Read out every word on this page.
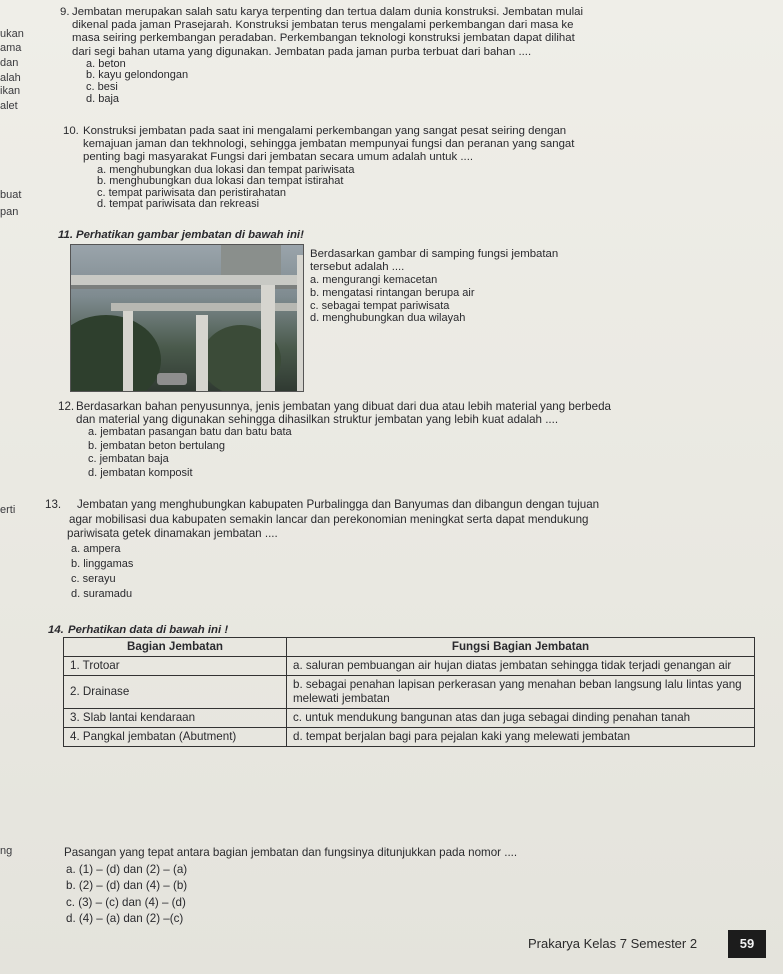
ukan
ama
dan
alah
ikan
alet
buat
pan
erti
ng
9. Jembatan merupakan salah satu karya terpenting dan tertua dalam dunia konstruksi. Jembatan mulai

dikenal pada jaman Prasejarah. Konstruksi jembatan terus mengalami perkembangan dari masa ke

masa seiring perkembangan peradaban. Perkembangan teknologi konstruksi jembatan dapat dilihat

dari segi bahan utama yang digunakan. Jembatan pada jaman purba terbuat dari bahan ....

a. beton

b. kayu gelondongan

c. besi

d. baja

10. Konstruksi jembatan pada saat ini mengalami perkembangan yang sangat pesat seiring dengan

kemajuan jaman dan tekhnologi, sehingga jembatan mempunyai fungsi dan peranan yang sangat

penting bagi masyarakat Fungsi dari jembatan secara umum adalah untuk ....

a. menghubungkan dua lokasi dan tempat pariwisata

b. menghubungkan dua lokasi dan tempat istirahat

c. tempat pariwisata dan peristirahatan

d. tempat pariwisata dan rekreasi

11. Perhatikan gambar jembatan di bawah ini!

Berdasarkan gambar di samping fungsi jembatan

tersebut adalah ....

a. mengurangi kemacetan

b. mengatasi rintangan berupa air

c. sebagai tempat pariwisata

d. menghubungkan dua wilayah

12. Berdasarkan bahan penyusunnya, jenis jembatan yang dibuat dari dua atau lebih material yang berbeda

dan material yang digunakan sehingga dihasilkan struktur jembatan yang lebih kuat adalah ....

a. jembatan pasangan batu dan batu bata

b. jembatan beton bertulang

c. jembatan baja

d. jembatan komposit

13.	Jembatan yang menghubungkan kabupaten Purbalingga dan Banyumas dan dibangun dengan tujuan

agar mobilisasi dua kabupaten semakin lancar dan perekonomian meningkat serta dapat mendukung

pariwisata getek dinamakan jembatan ....

a. ampera

b. linggamas

c. serayu

d. suramadu

14. Perhatikan data di bawah ini !

Bagian Jembatan	Fungsi Bagian Jembatan
1. Trotoar	a. saluran pembuangan air hujan diatas jembatan sehingga tidak terjadi genangan air
2. Drainase	b. sebagai penahan lapisan perkerasan yang menahan beban langsung lalu lintas yang melewati jembatan
3. Slab lantai kendaraan	c. untuk mendukung bangunan atas dan juga sebagai dinding penahan tanah
4. Pangkal jembatan (Abutment)	d. tempat berjalan bagi para pejalan kaki yang melewati jembatan

Pasangan yang tepat antara bagian jembatan dan fungsinya ditunjukkan pada nomor ....

a. (1) – (d) dan (2) – (a)

b. (2) – (d) dan (4) – (b)

c. (3) – (c) dan (4) – (d)

d. (4) – (a) dan (2) –(c)

Prakarya Kelas 7 Semester 2	59
